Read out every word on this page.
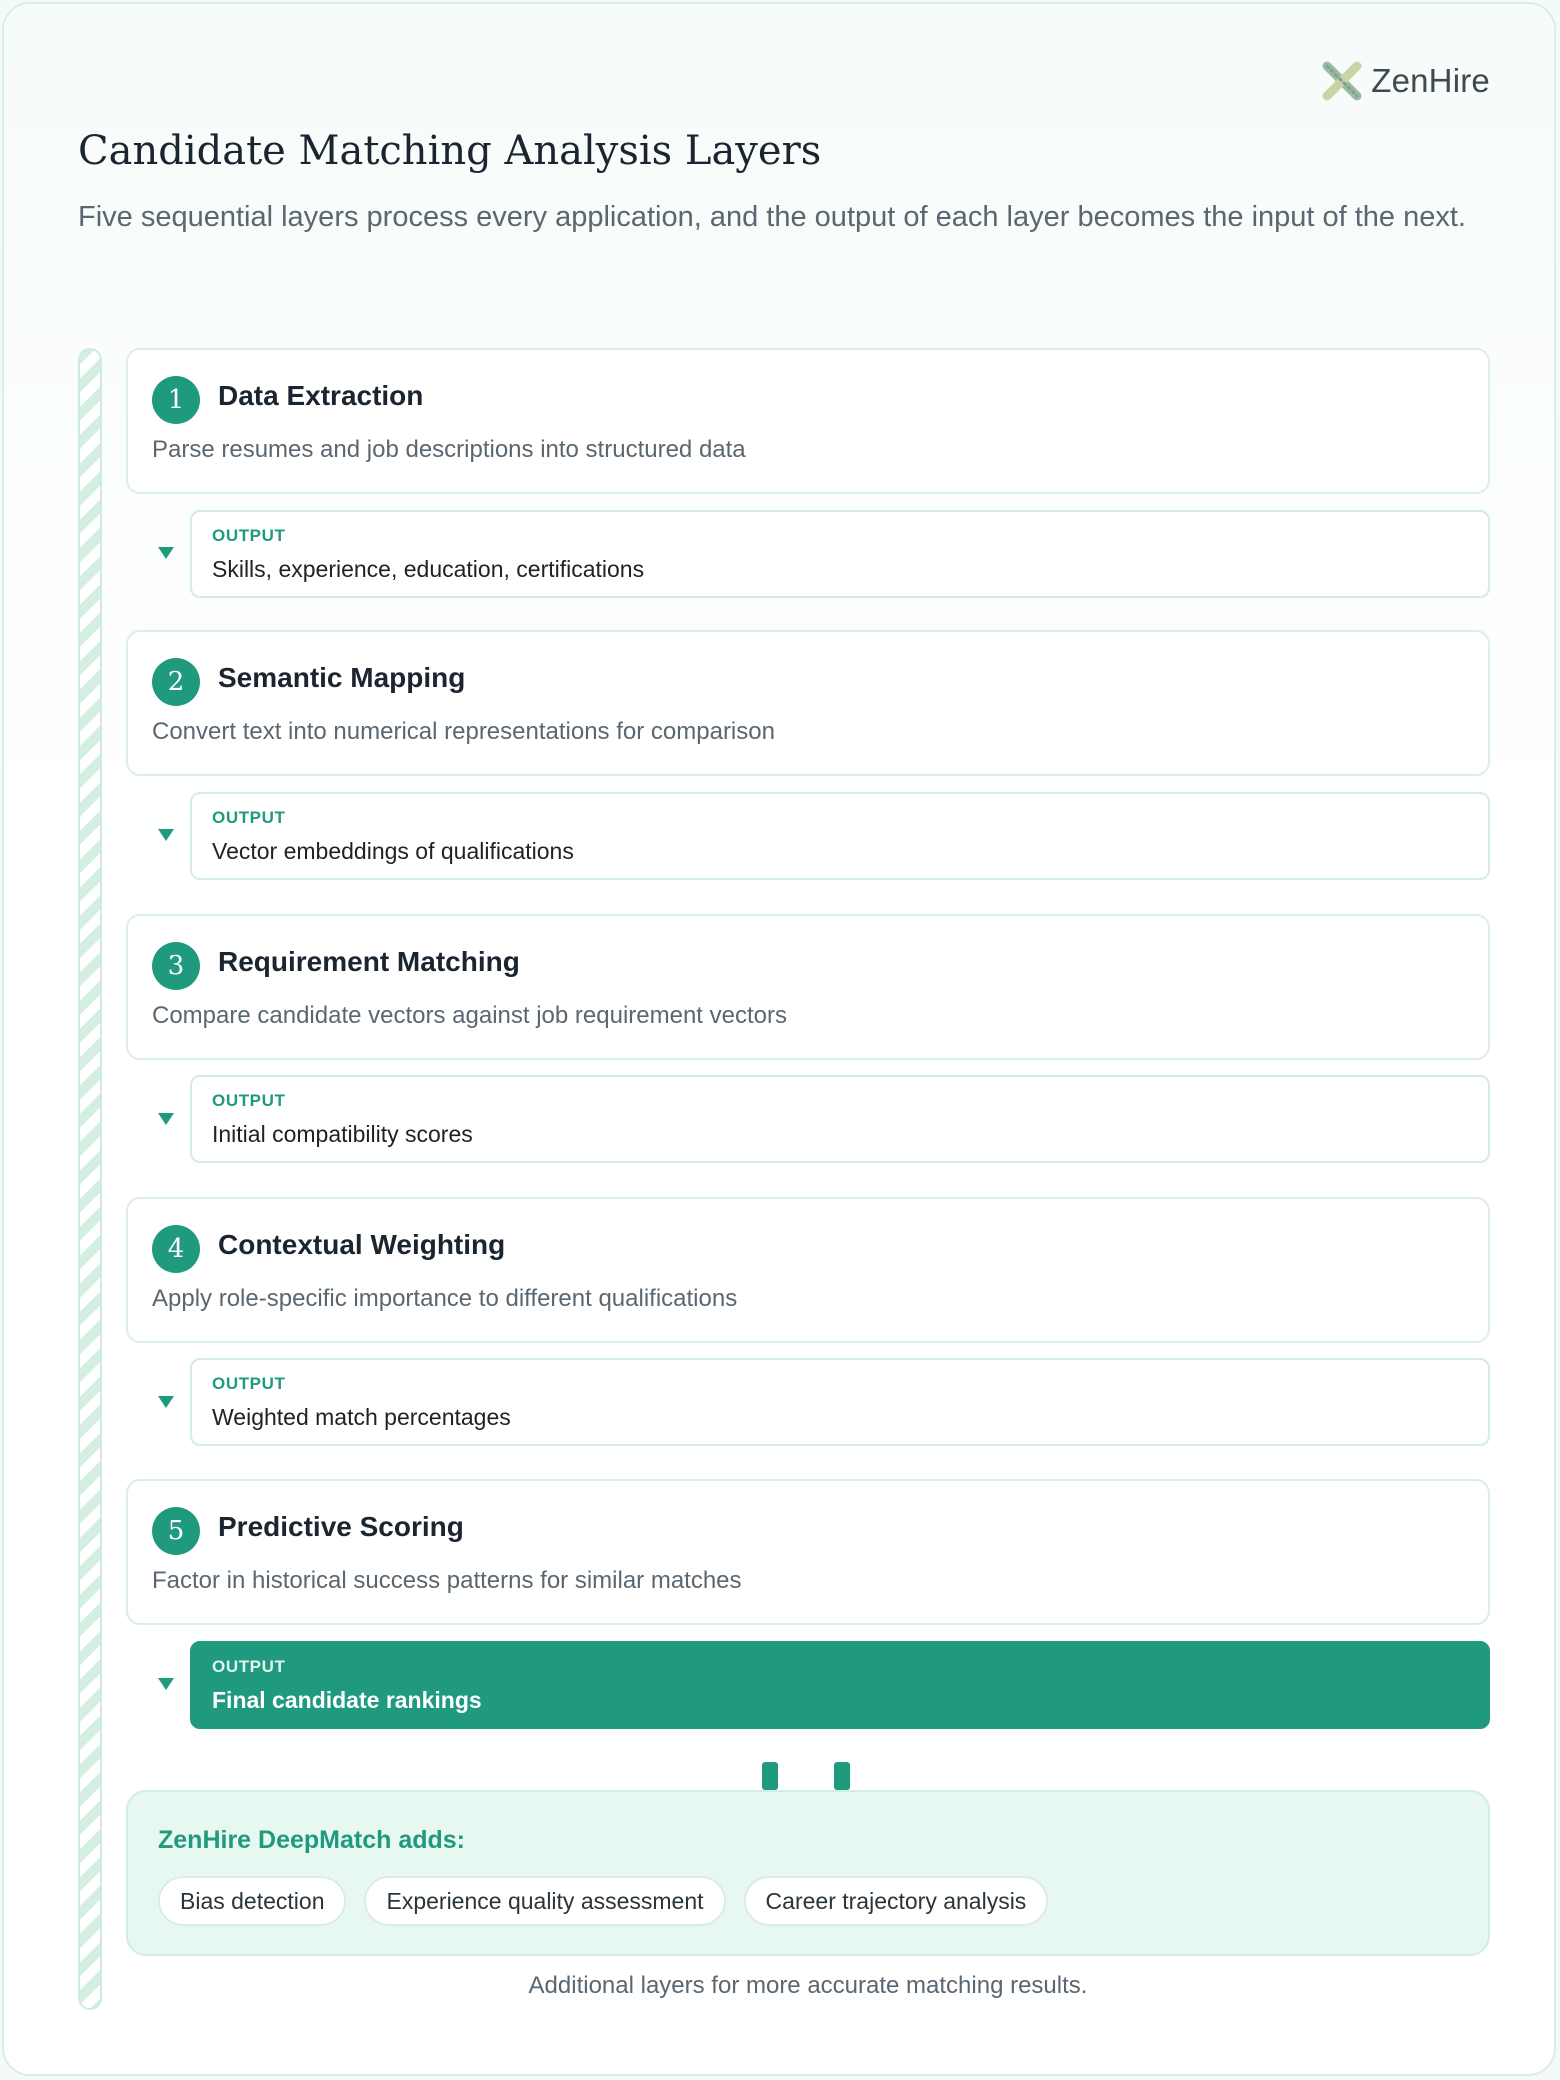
ZenHire
Candidate Matching Analysis Layers

Five sequential layers process every application, and the output of each layer becomes the input of the next.

1	Data Extraction
Parse resumes and job descriptions into structured data
OUTPUT
Skills, experience, education, certifications
2	Semantic Mapping
Convert text into numerical representations for comparison
OUTPUT
Vector embeddings of qualifications
3	Requirement Matching
Compare candidate vectors against job requirement vectors
OUTPUT
Initial compatibility scores
4	Contextual Weighting
Apply role-specific importance to different qualifications
OUTPUT
Weighted match percentages
5	Predictive Scoring
Factor in historical success patterns for similar matches
OUTPUT
Final candidate rankings
ZenHire DeepMatch adds:
Bias detection	Experience quality assessment	Career trajectory analysis
Additional layers for more accurate matching results.
